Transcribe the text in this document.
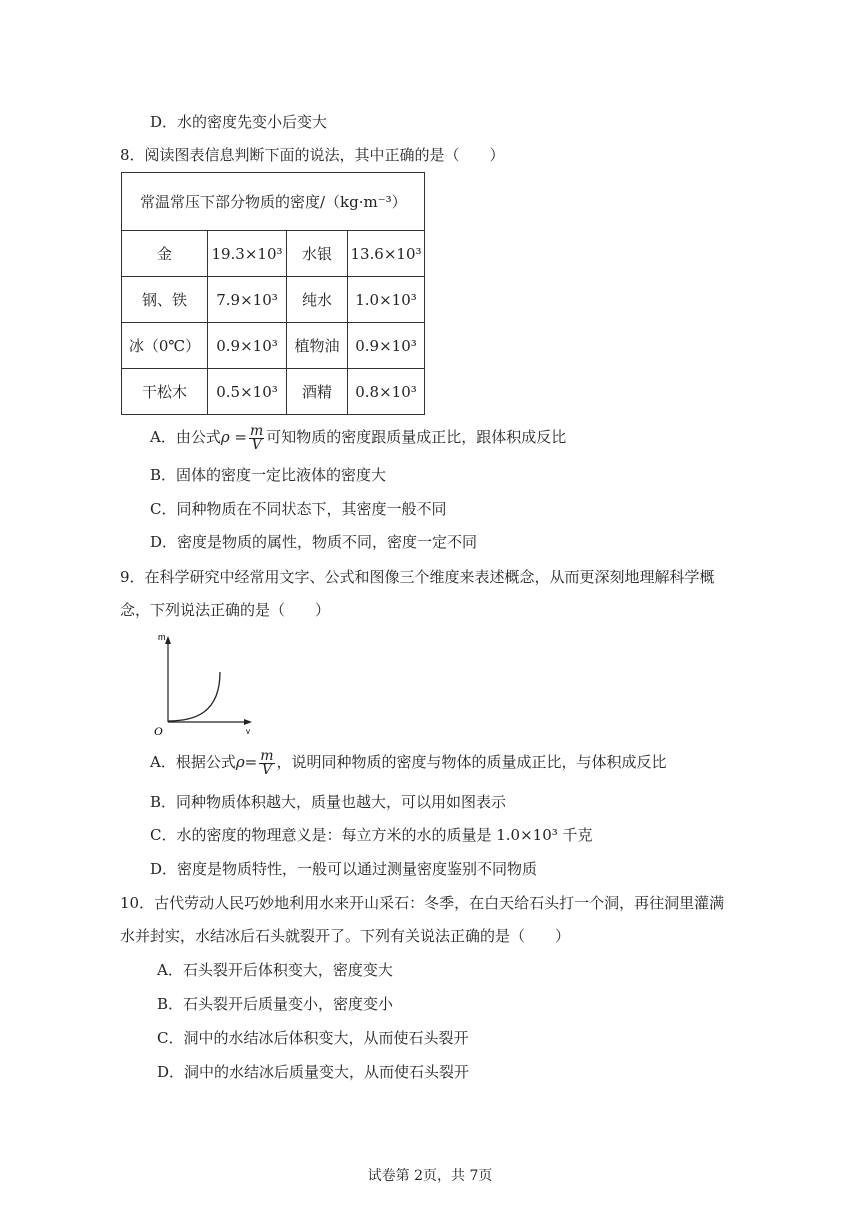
D．水的密度先变小后变大
8．阅读图表信息判断下面的说法，其中正确的是（　　）
常温常压下部分物质的密度/（kg·m⁻³）			
金	19.3×10³	水银	13.6×10³
钢、铁	7.9×10³	纯水	1.0×10³
冰（0℃）	0.9×10³	植物油	0.9×10³
干松木	0.5×10³	酒精	0.8×10³
A．由公式$\rho = \frac{m}{V}$ 可知物质的密度跟质量成正比，跟体积成反比
B．固体的密度一定比液体的密度大
C．同种物质在不同状态下，其密度一般不同
D．密度是物质的属性，物质不同，密度一定不同
9．在科学研究中经常用文字、公式和图像三个维度来表述概念，从而更深刻地理解科学概
念，下列说法正确的是（　　）
m
v
O
A．根据公式$\rho= \frac{m}{V}$ ，说明同种物质的密度与物体的质量成正比，与体积成反比
B．同种物质体积越大，质量也越大，可以用如图表示
C．水的密度的物理意义是：每立方米的水的质量是 1.0×10³ 千克
D．密度是物质特性，一般可以通过测量密度鉴别不同物质
10．古代劳动人民巧妙地利用水来开山采石：冬季，在白天给石头打一个洞，再往洞里灌满
水并封实，水结冰后石头就裂开了。下列有关说法正确的是（　　）
A．石头裂开后体积变大，密度变大
B．石头裂开后质量变小，密度变小
C．洞中的水结冰后体积变大，从而使石头裂开
D．洞中的水结冰后质量变大，从而使石头裂开
试卷第 2页，共 7页
